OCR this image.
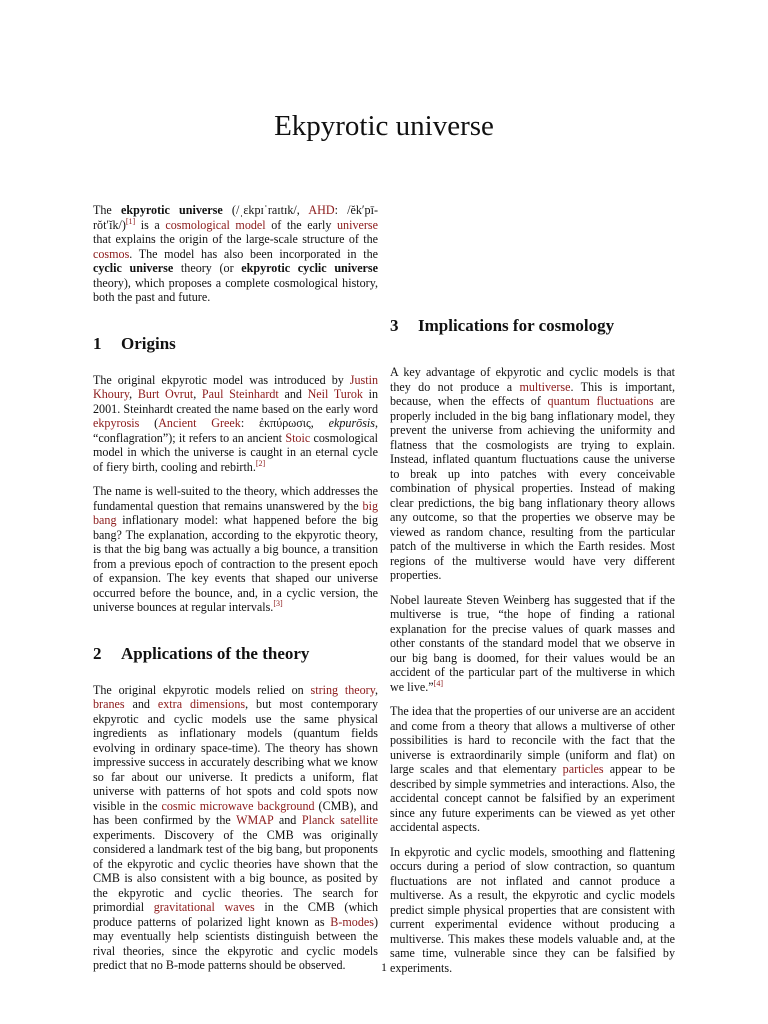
Ekpyrotic universe

The ekpyrotic universe (/ˌɛkpɪˈraɪtɪk/, AHD: /ĕk′pī-rŏt′ĭk/)[1] is a cosmological model of the early universe that explains the origin of the large-scale structure of the cosmos. The model has also been incorporated in the cyclic universe theory (or ekpyrotic cyclic universe theory), which proposes a complete cosmological history, both the past and future.

1 Origins

The original ekpyrotic model was introduced by Justin Khoury, Burt Ovrut, Paul Steinhardt and Neil Turok in 2001. Steinhardt created the name based on the early word ekpyrosis (Ancient Greek: ἐκπύρωσις, ekpurōsis, “conflagration”); it refers to an ancient Stoic cosmological model in which the universe is caught in an eternal cycle of fiery birth, cooling and rebirth.[2]

The name is well-suited to the theory, which addresses the fundamental question that remains unanswered by the big bang inflationary model: what happened before the big bang? The explanation, according to the ekpyrotic theory, is that the big bang was actually a big bounce, a transition from a previous epoch of contraction to the present epoch of expansion. The key events that shaped our universe occurred before the bounce, and, in a cyclic version, the universe bounces at regular intervals.[3]

2 Applications of the theory

The original ekpyrotic models relied on string theory, branes and extra dimensions, but most contemporary ekpyrotic and cyclic models use the same physical ingredients as inflationary models (quantum fields evolving in ordinary space-time). The theory has shown impressive success in accurately describing what we know so far about our universe. It predicts a uniform, flat universe with patterns of hot spots and cold spots now visible in the cosmic microwave background (CMB), and has been confirmed by the WMAP and Planck satellite experiments. Discovery of the CMB was originally considered a landmark test of the big bang, but proponents of the ekpyrotic and cyclic theories have shown that the CMB is also consistent with a big bounce, as posited by the ekpyrotic and cyclic theories. The search for primordial gravitational waves in the CMB (which produce patterns of polarized light known as B-modes) may eventually help scientists distinguish between the rival theories, since the ekpyrotic and cyclic models predict that no B-mode patterns should be observed.

3 Implications for cosmology

A key advantage of ekpyrotic and cyclic models is that they do not produce a multiverse. This is important, because, when the effects of quantum fluctuations are properly included in the big bang inflationary model, they prevent the universe from achieving the uniformity and flatness that the cosmologists are trying to explain. Instead, inflated quantum fluctuations cause the universe to break up into patches with every conceivable combination of physical properties. Instead of making clear predictions, the big bang inflationary theory allows any outcome, so that the properties we observe may be viewed as random chance, resulting from the particular patch of the multiverse in which the Earth resides. Most regions of the multiverse would have very different properties.

Nobel laureate Steven Weinberg has suggested that if the multiverse is true, “the hope of finding a rational explanation for the precise values of quark masses and other constants of the standard model that we observe in our big bang is doomed, for their values would be an accident of the particular part of the multiverse in which we live.”[4]

The idea that the properties of our universe are an accident and come from a theory that allows a multiverse of other possibilities is hard to reconcile with the fact that the universe is extraordinarily simple (uniform and flat) on large scales and that elementary particles appear to be described by simple symmetries and interactions. Also, the accidental concept cannot be falsified by an experiment since any future experiments can be viewed as yet other accidental aspects.

In ekpyrotic and cyclic models, smoothing and flattening occurs during a period of slow contraction, so quantum fluctuations are not inflated and cannot produce a multiverse. As a result, the ekpyrotic and cyclic models predict simple physical properties that are consistent with current experimental evidence without producing a multiverse. This makes these models valuable and, at the same time, vulnerable since they can be falsified by experiments.

1
